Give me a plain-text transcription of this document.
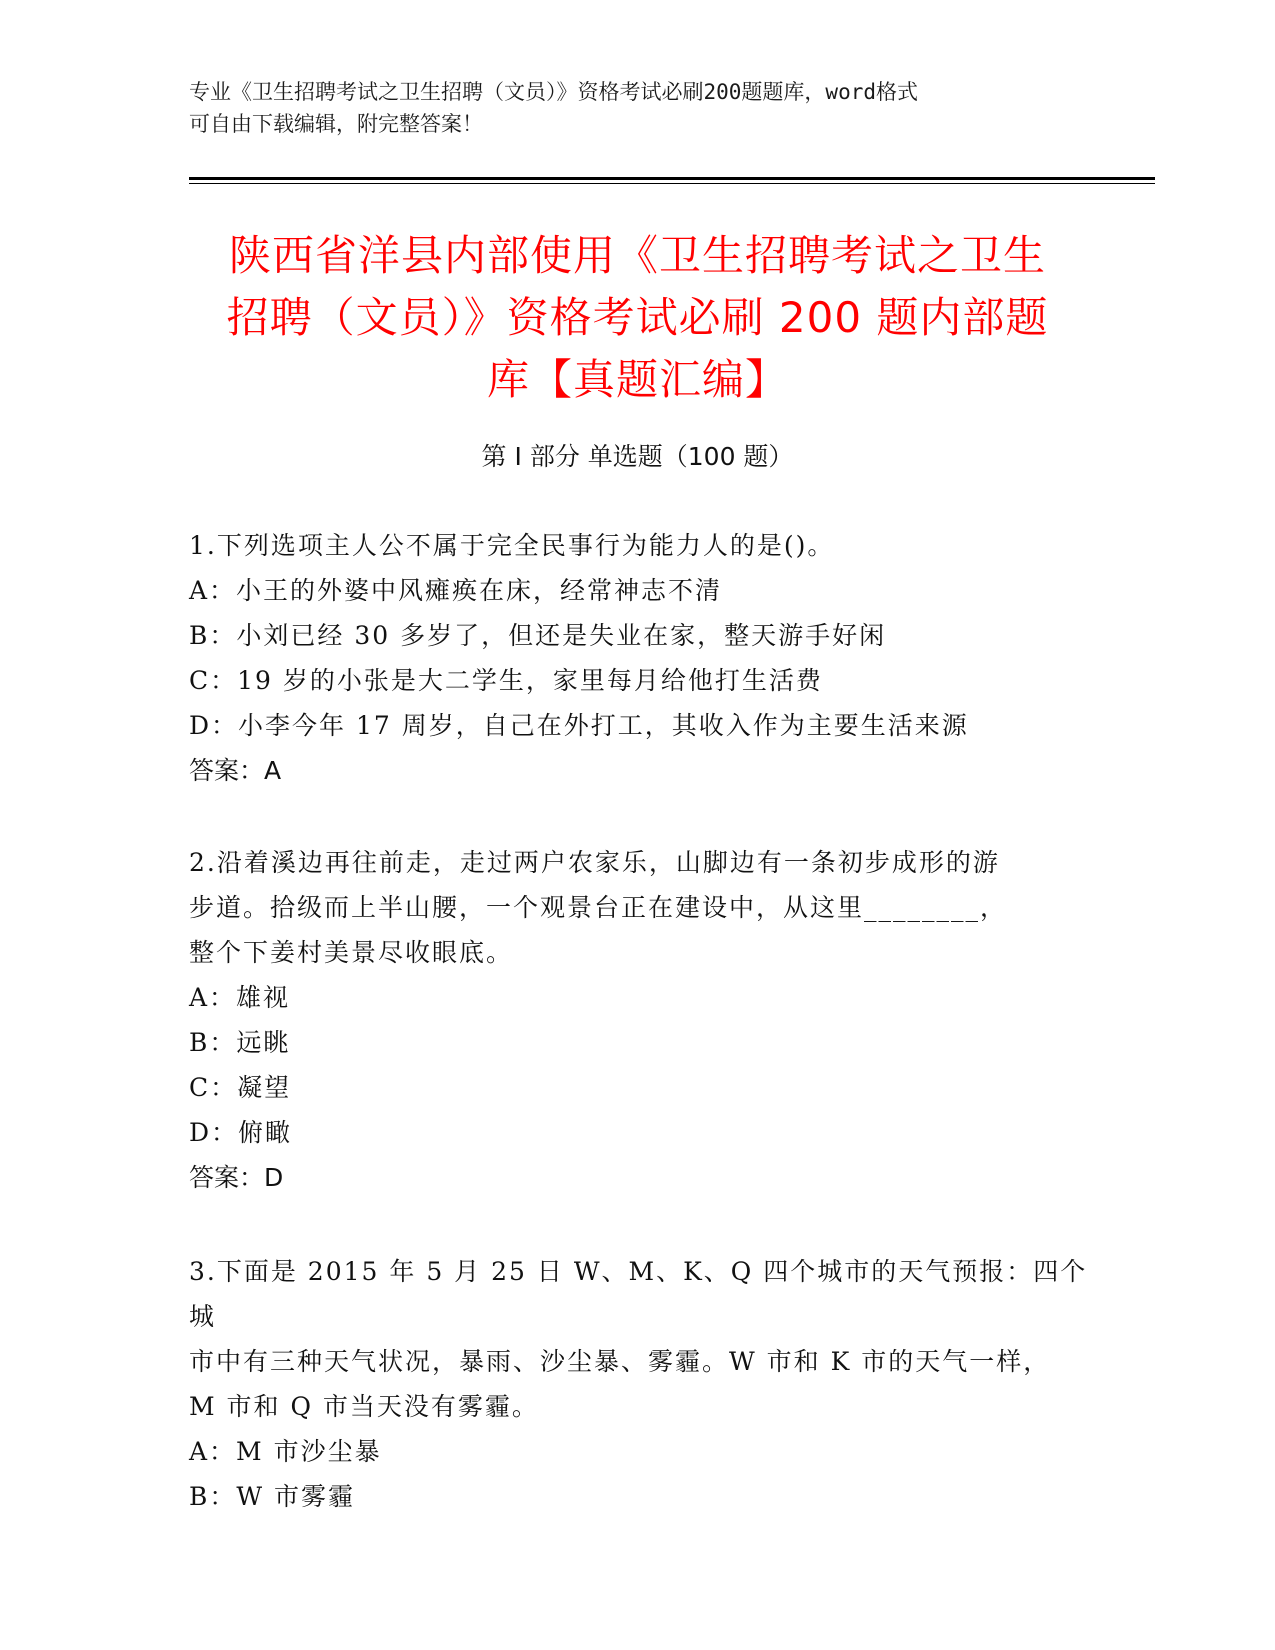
专业《卫生招聘考试之卫生招聘（文员）》资格考试必刷200题题库，word格式
可自由下载编辑，附完整答案！
陕西省洋县内部使用《卫生招聘考试之卫生
招聘（文员）》资格考试必刷 200 题内部题
库【真题汇编】
第 I 部分 单选题（100 题）

1.下列选项主人公不属于完全民事行为能力人的是()。

A：小王的外婆中风瘫痪在床，经常神志不清

B：小刘已经 30 多岁了，但还是失业在家，整天游手好闲

C：19 岁的小张是大二学生，家里每月给他打生活费

D：小李今年 17 周岁，自己在外打工，其收入作为主要生活来源

答案：A

2.沿着溪边再往前走，走过两户农家乐，山脚边有一条初步成形的游

步道。拾级而上半山腰，一个观景台正在建设中，从这里________，

整个下姜村美景尽收眼底。

A：雄视

B：远眺

C：凝望

D：俯瞰

答案：D

3.下面是 2015 年 5 月 25 日 W、M、K、Q 四个城市的天气预报：四个城

市中有三种天气状况，暴雨、沙尘暴、雾霾。W 市和 K 市的天气一样，

M 市和 Q 市当天没有雾霾。

A：M 市沙尘暴

B：W 市雾霾
